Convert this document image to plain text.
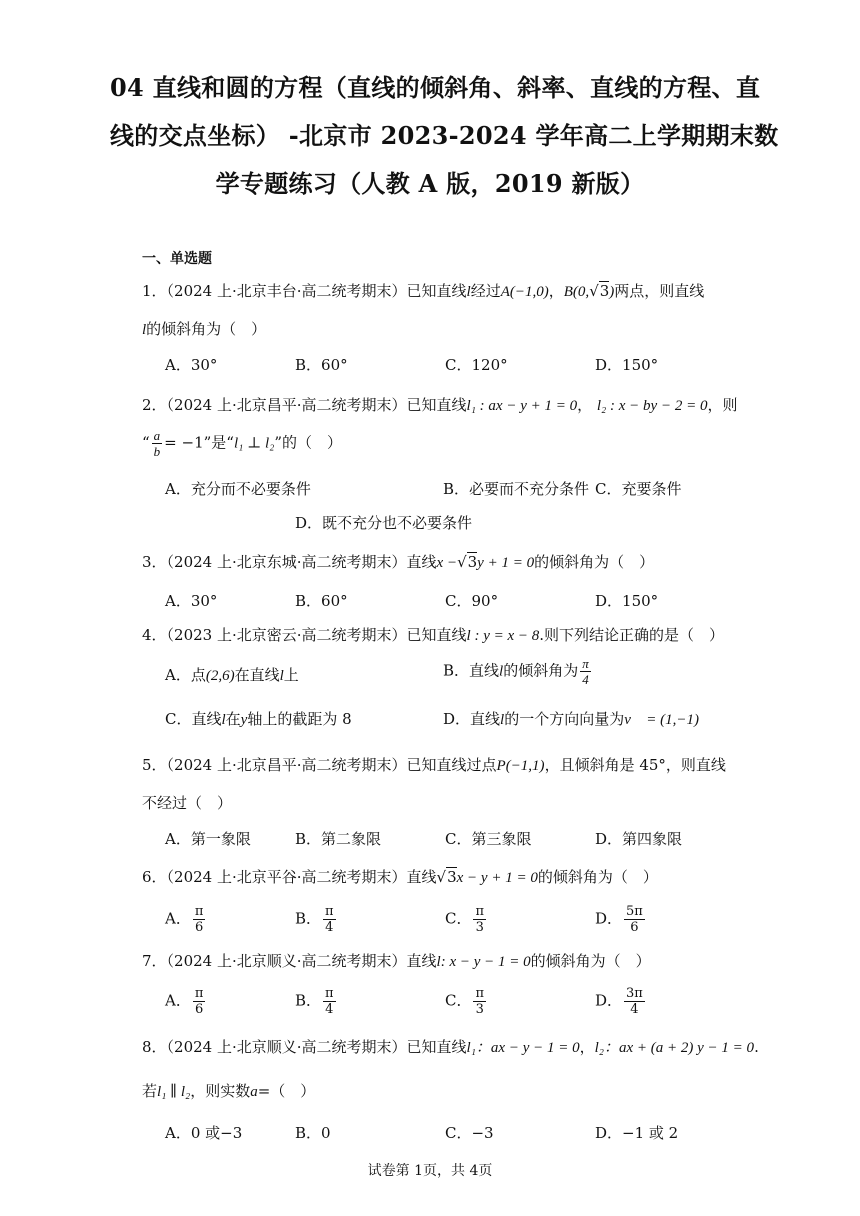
04 直线和圆的方程（直线的倾斜角、斜率、直线的方程、直
线的交点坐标） -北京市 2023-2024 学年高二上学期期末数
学专题练习（人教 A 版，2019 新版）
一、单选题
1．（2024 上·北京丰台·高二统考期末）已知直线l经过A(−1,0)，B(0,√3)两点，则直线
l的倾斜角为（　）
A．30°	B．60°	C．120°	D．150°
2．（2024 上·北京昌平·高二统考期末）已知直线l₁ : ax − y + 1 = 0， l₂ : x − by − 2 = 0，则
“ $\frac{a}{b} = -1$”是“l₁ ⊥ l₂”的（　）
A．充分而不必要条件	B．必要而不充分条件 C．充要条件
D．既不充分也不必要条件
3．（2024 上·北京东城·高二统考期末）直线x −√3y + 1 = 0的倾斜角为（　）
A．30°	B．60°	C．90°	D．150°
4．（2023 上·北京密云·高二统考期末）已知直线l : y = x − 8.则下列结论正确的是（　）
A．点(2,6)在直线l上	B．直线l的倾斜角为 $\frac{\pi}{4}$
C．直线l在y轴上的截距为 8	D．直线l的一个方向向量为v⃗ = (1,−1)
5．（2024 上·北京昌平·高二统考期末）已知直线过点P(−1,1)，且倾斜角是 45°，则直线
不经过（　）
A．第一象限	B．第二象限	C．第三象限	D．第四象限
6．（2024 上·北京平谷·高二统考期末）直线√3x − y + 1 = 0的倾斜角为（　）
A． $\frac{\pi}{6}$	B． $\frac{\pi}{4}$	C． $\frac{\pi}{3}$	D． $\frac{5\pi}{6}$
7．（2024 上·北京顺义·高二统考期末）直线l: x − y − 1 = 0的倾斜角为（　）
A． $\frac{\pi}{6}$	B． $\frac{\pi}{4}$	C． $\frac{\pi}{3}$	D． $\frac{3\pi}{4}$
8．（2024 上·北京顺义·高二统考期末）已知直线l₁：ax − y − 1 = 0，l₂：ax + (a + 2) y − 1 = 0.
若l₁ ∥ l₂，则实数a=（　）
A．0 或−3	B．0	C．−3	D．−1 或 2
试卷第 1页，共 4页
